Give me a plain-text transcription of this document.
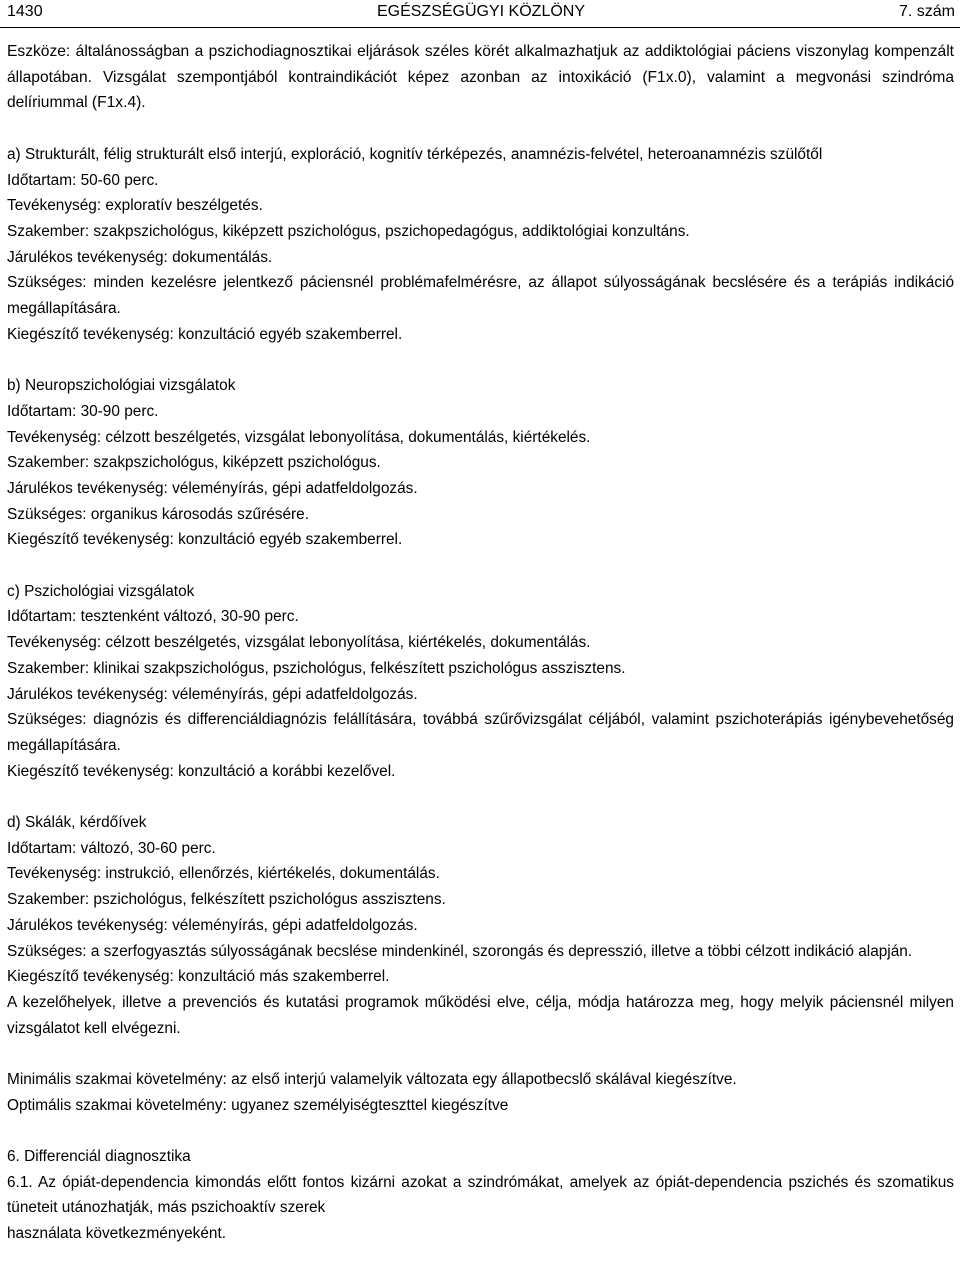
EGÉSZSÉGÜGYI KÖZLÖNY
1430	7. szám

Eszköze: általánosságban a pszichodiagnosztikai eljárások széles körét alkalmazhatjuk az addiktológiai páciens viszonylag kompenzált állapotában. Vizsgálat szempontjából kontraindikációt képez azonban az intoxikáció (F1x.0), valamint a megvonási szindróma delíriummal (F1x.4).

a) Strukturált, félig strukturált első interjú, exploráció, kognitív térképezés, anamnézis-felvétel, heteroanamnézis szülőtől

Időtartam: 50-60 perc.

Tevékenység: exploratív beszélgetés.

Szakember: szakpszichológus, kiképzett pszichológus, pszichopedagógus, addiktológiai konzultáns.

Járulékos tevékenység: dokumentálás.

Szükséges: minden kezelésre jelentkező páciensnél problémafelmérésre, az állapot súlyosságának becslésére és a terápiás indikáció megállapítására.

Kiegészítő tevékenység: konzultáció egyéb szakemberrel.

b) Neuropszichológiai vizsgálatok

Időtartam: 30-90 perc.

Tevékenység: célzott beszélgetés, vizsgálat lebonyolítása, dokumentálás, kiértékelés.

Szakember: szakpszichológus, kiképzett pszichológus.

Járulékos tevékenység: véleményírás, gépi adatfeldolgozás.

Szükséges: organikus károsodás szűrésére.

Kiegészítő tevékenység: konzultáció egyéb szakemberrel.

c) Pszichológiai vizsgálatok

Időtartam: tesztenként változó, 30-90 perc.

Tevékenység: célzott beszélgetés, vizsgálat lebonyolítása, kiértékelés, dokumentálás.

Szakember: klinikai szakpszichológus, pszichológus, felkészített pszichológus asszisztens.

Járulékos tevékenység: véleményírás, gépi adatfeldolgozás.

Szükséges: diagnózis és differenciáldiagnózis felállítására, továbbá szűrővizsgálat céljából, valamint pszichoterápiás igénybevehetőség megállapítására.

Kiegészítő tevékenység: konzultáció a korábbi kezelővel.

d) Skálák, kérdőívek

Időtartam: változó, 30-60 perc.

Tevékenység: instrukció, ellenőrzés, kiértékelés, dokumentálás.

Szakember: pszichológus, felkészített pszichológus asszisztens.

Járulékos tevékenység: véleményírás, gépi adatfeldolgozás.

Szükséges: a szerfogyasztás súlyosságának becslése mindenkinél, szorongás és depresszió, illetve a többi célzott indikáció alapján.

Kiegészítő tevékenység: konzultáció más szakemberrel.

A kezelőhelyek, illetve a prevenciós és kutatási programok működési elve, célja, módja határozza meg, hogy melyik páciensnél milyen vizsgálatot kell elvégezni.

Minimális szakmai követelmény: az első interjú valamelyik változata egy állapotbecslő skálával kiegészítve.

Optimális szakmai követelmény: ugyanez személyiségteszttel kiegészítve

6. Differenciál diagnosztika

6.1. Az ópiát-dependencia kimondás előtt fontos kizárni azokat a szindrómákat, amelyek az ópiát-dependencia pszichés és szomatikus tüneteit utánozhatják, más pszichoaktív szerek

használata következményeként.
